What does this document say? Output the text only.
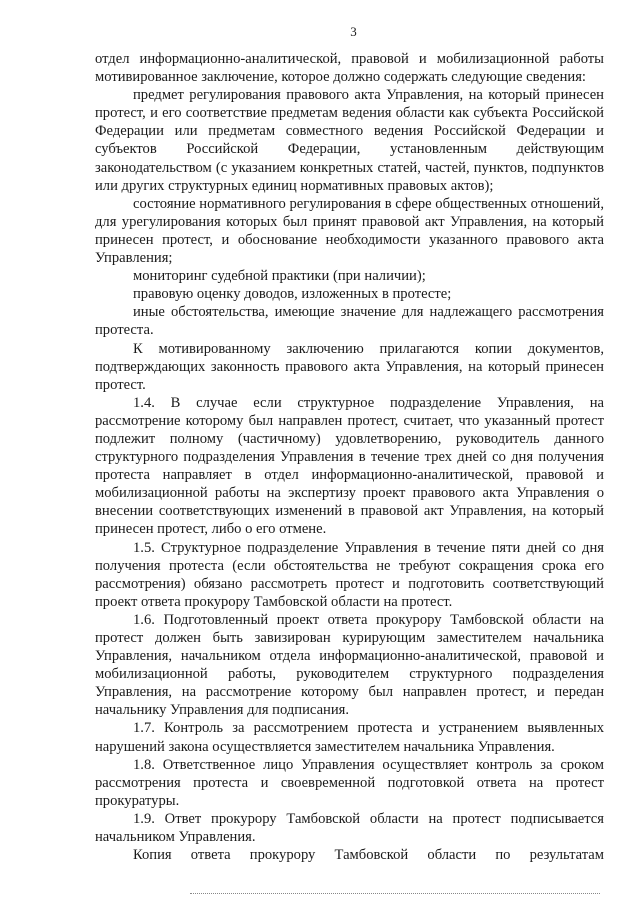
3

отдел информационно-аналитической, правовой и мобилизационной работы мотивированное заключение, которое должно содержать следующие сведения:

предмет регулирования правового акта Управления, на который принесен протест, и его соответствие предметам ведения области как субъекта Российской Федерации или предметам совместного ведения Российской Федерации и субъектов Российской Федерации, установленным действующим законодательством (с указанием конкретных статей, частей, пунктов, подпунктов или других структурных единиц нормативных правовых актов);

состояние нормативного регулирования в сфере общественных отношений, для урегулирования которых был принят правовой акт Управления, на который принесен протест, и обоснование необходимости указанного правового акта Управления;

мониторинг судебной практики (при наличии);

правовую оценку доводов, изложенных в протесте;

иные обстоятельства, имеющие значение для надлежащего рассмотрения протеста.

К мотивированному заключению прилагаются копии документов, подтверждающих законность правового акта Управления, на который принесен протест.

1.4. В случае если структурное подразделение Управления, на рассмотрение которому был направлен протест, считает, что указанный протест подлежит полному (частичному) удовлетворению, руководитель данного структурного подразделения Управления в течение трех дней со дня получения протеста направляет в отдел информационно-аналитической, правовой и мобилизационной работы на экспертизу проект правового акта Управления о внесении соответствующих изменений в правовой акт Управления, на который принесен протест, либо о его отмене.

1.5. Структурное подразделение Управления в течение пяти дней со дня получения протеста (если обстоятельства не требуют сокращения срока его рассмотрения) обязано рассмотреть протест и подготовить соответствующий проект ответа прокурору Тамбовской области на протест.

1.6. Подготовленный проект ответа прокурору Тамбовской области на протест должен быть завизирован курирующим заместителем начальника Управления, начальником отдела информационно-аналитической, правовой и мобилизационной работы, руководителем структурного подразделения Управления, на рассмотрение которому был направлен протест, и передан начальнику Управления для подписания.

1.7. Контроль за рассмотрением протеста и устранением выявленных нарушений закона осуществляется заместителем начальника Управления.

1.8. Ответственное лицо Управления осуществляет контроль за сроком рассмотрения протеста и своевременной подготовкой ответа на протест прокуратуры.

1.9. Ответ прокурору Тамбовской области на протест подписывается начальником Управления.

Копия ответа прокурору Тамбовской области по результатам
